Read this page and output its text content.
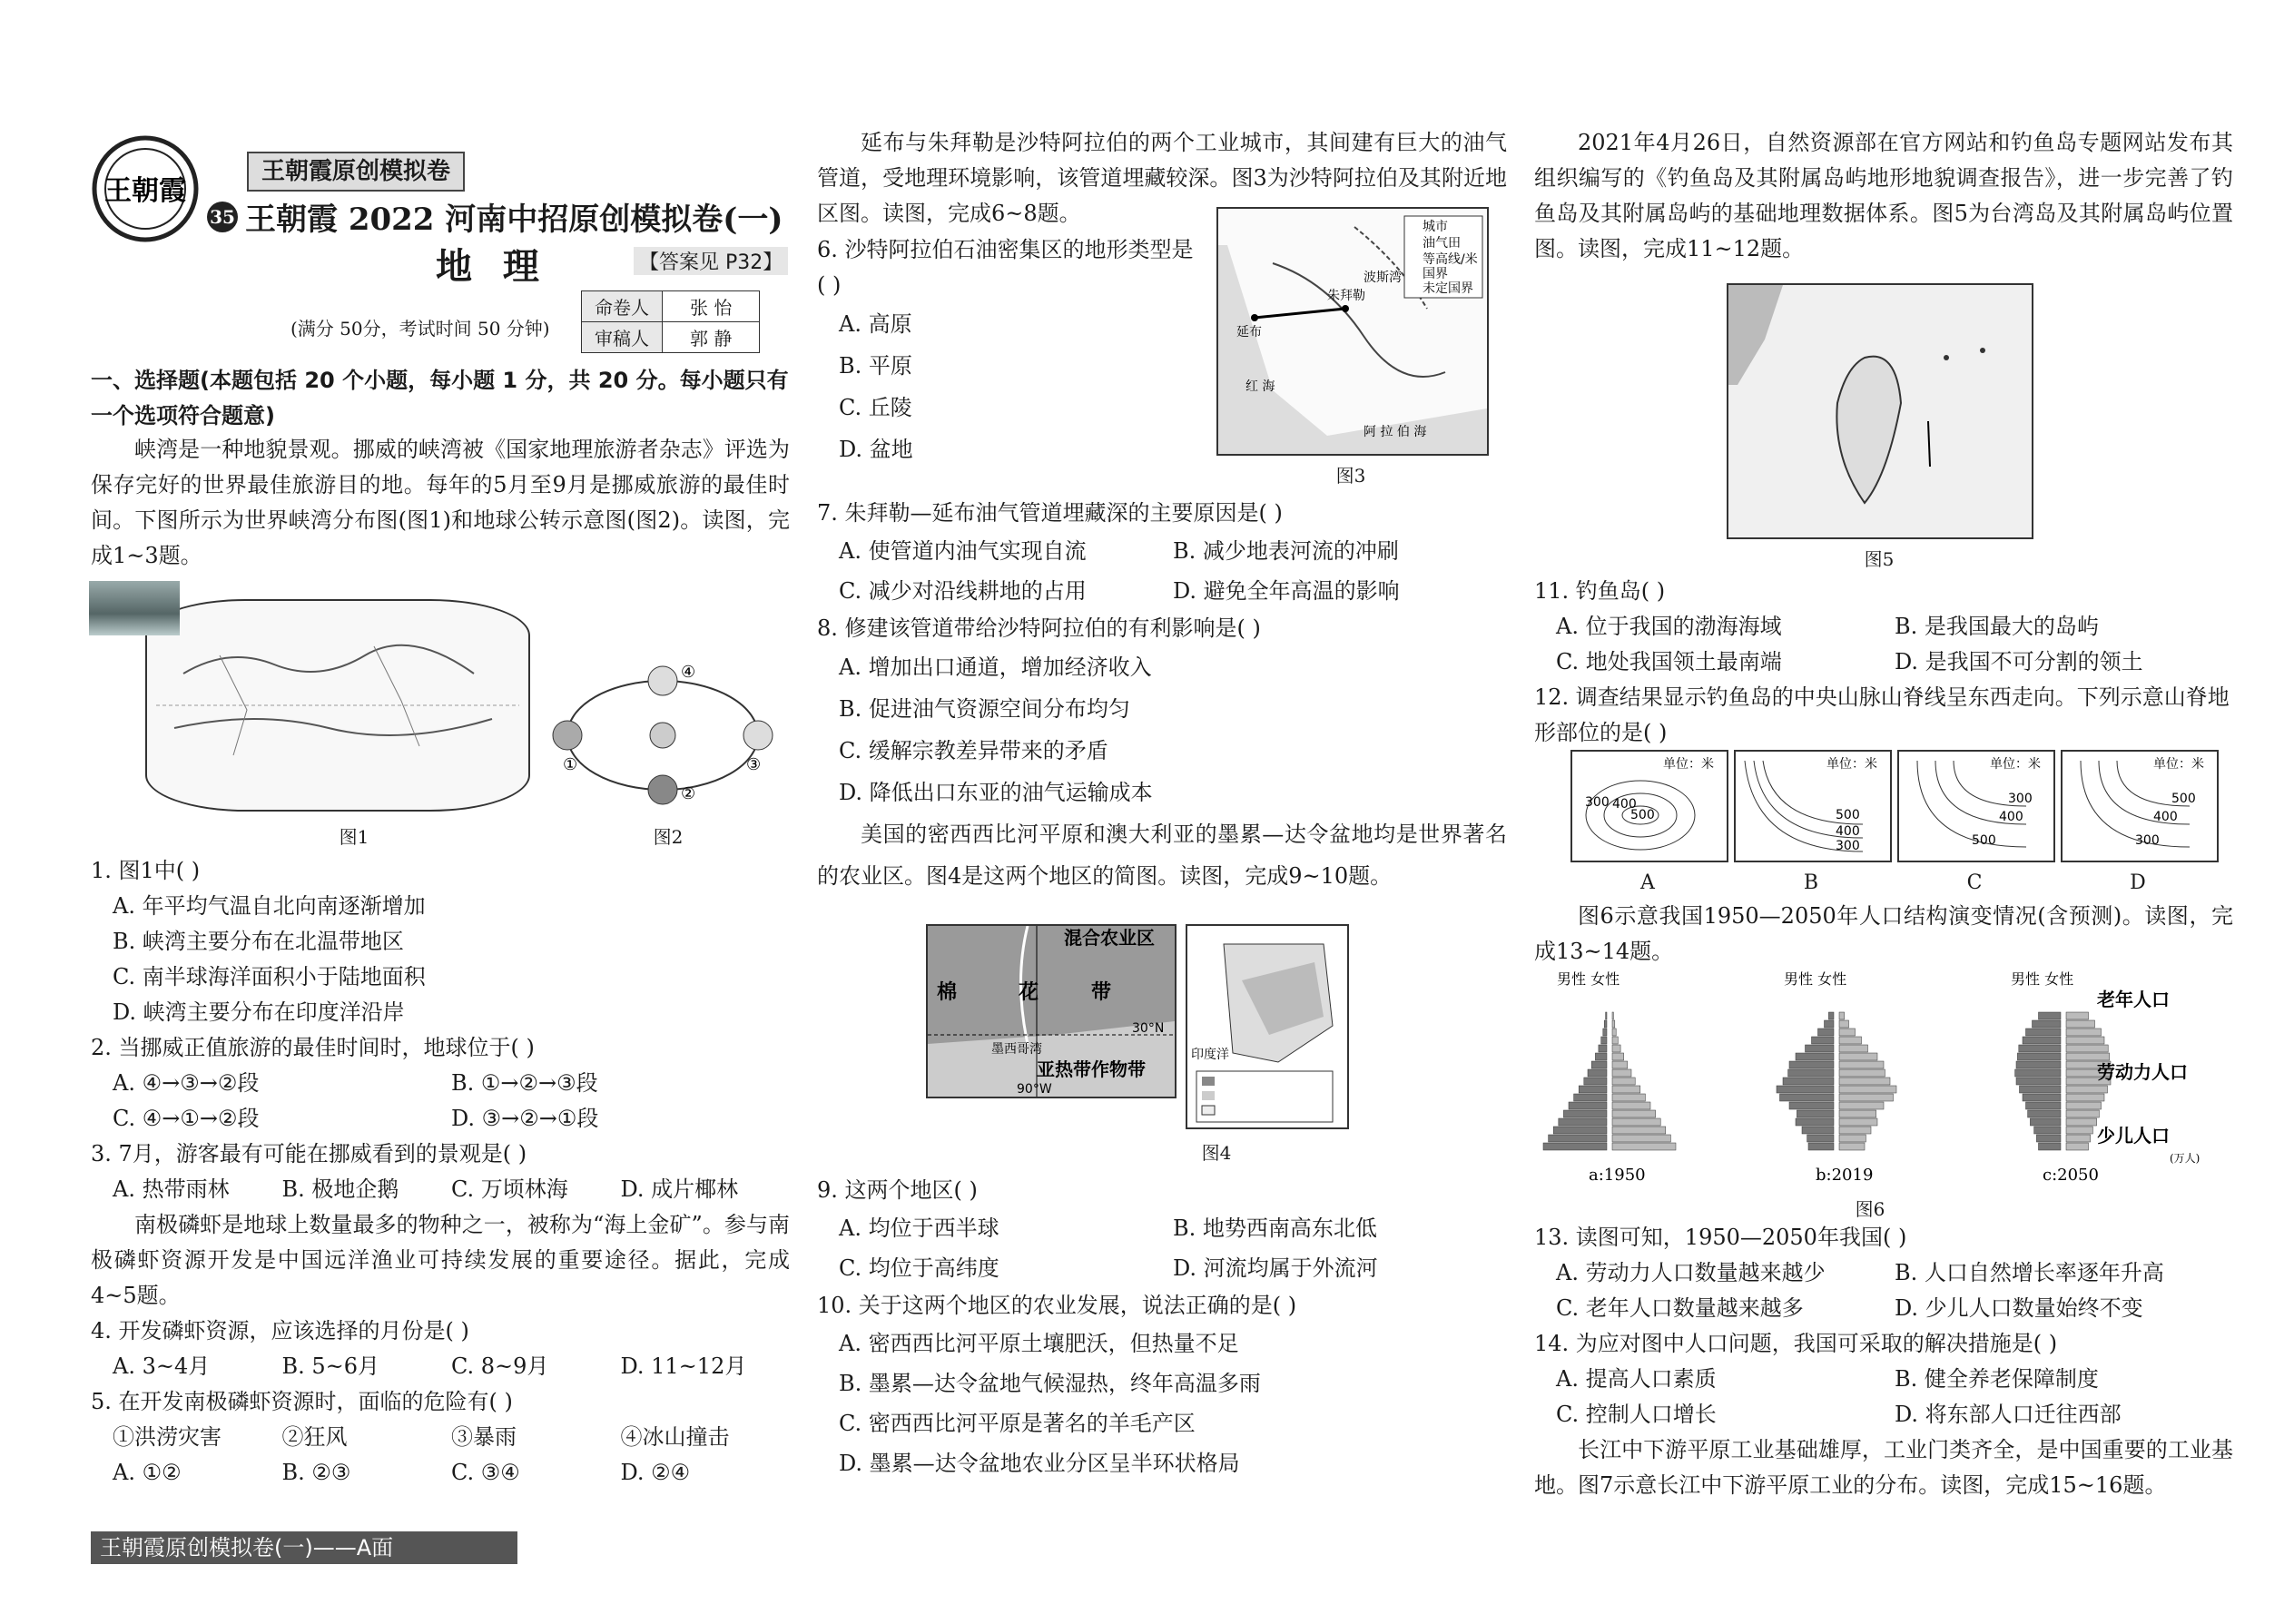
王朝霞
王朝霞原创模拟卷
35 王朝霞 2022 河南中招原创模拟卷(一)
地 理	【答案见 P32】
(满分 50分，考试时间 50 分钟)
命卷人	张 怡
审稿人	郭 静

一、选择题(本题包括 20 个小题，每小题 1 分，共 20 分。每小题只有一个选项符合题意)

峡湾是一种地貌景观。挪威的峡湾被《国家地理旅游者杂志》评选为保存完好的世界最佳旅游目的地。每年的5月至9月是挪威旅游的最佳时间。下图所示为世界峡湾分布图(图1)和地球公转示意图(图2)。读图，完成1~3题。

图1
①
②
③
④
图2

1. 图1中( )

A. 年平均气温自北向南逐渐增加
B. 峡湾主要分布在北温带地区
C. 南半球海洋面积小于陆地面积
D. 峡湾主要分布在印度洋沿岸

2. 当挪威正值旅游的最佳时间时，地球位于( )

A. ④→③→②段	B. ①→②→③段
C. ④→①→②段	D. ③→②→①段

3. 7月，游客最有可能在挪威看到的景观是( )

A. 热带雨林	B. 极地企鹅	C. 万顷林海	D. 成片椰林

南极磷虾是地球上数量最多的物种之一，被称为“海上金矿”。参与南极磷虾资源开发是中国远洋渔业可持续发展的重要途径。据此，完成4~5题。

4. 开发磷虾资源，应该选择的月份是( )

A. 3~4月	B. 5~6月	C. 8~9月	D. 11~12月

5. 在开发南极磷虾资源时，面临的危险有( )

①洪涝灾害	②狂风	③暴雨	④冰山撞击
A. ①②	B. ②③	C. ③④	D. ②④
王朝霞原创模拟卷(一)——A面

延布与朱拜勒是沙特阿拉伯的两个工业城市，其间建有巨大的油气管道，受地理环境影响，该管道埋藏较深。图3为沙特阿拉伯及其附近地区图。读图，完成6~8题。

6. 沙特阿拉伯石油密集区的地形类型是( )

A. 高原
B. 平原
C. 丘陵
D. 盆地
延布
朱拜勒
阿 拉 伯 海
红 海
波斯湾
城市
油气田
等高线/米
国界
未定国界
图3

7. 朱拜勒—延布油气管道埋藏深的主要原因是( )

A. 使管道内油气实现自流	B. 减少地表河流的冲刷
C. 减少对沿线耕地的占用	D. 避免全年高温的影响

8. 修建该管道带给沙特阿拉伯的有利影响是( )

A. 增加出口通道，增加经济收入
B. 促进油气资源空间分布均匀
C. 缓解宗教差异带来的矛盾
D. 降低出口东亚的油气运输成本

美国的密西西比河平原和澳大利亚的墨累—达令盆地均是世界著名的农业区。图4是这两个地区的简图。读图，完成9~10题。

混合农业区
棉	花	带
亚热带作物带
墨西哥湾
30°N
90°W
印度洋
图4

9. 这两个地区( )

A. 均位于西半球	B. 地势西南高东北低
C. 均位于高纬度	D. 河流均属于外流河

10. 关于这两个地区的农业发展，说法正确的是( )

A. 密西西比河平原土壤肥沃，但热量不足
B. 墨累—达令盆地气候湿热，终年高温多雨
C. 密西西比河平原是著名的羊毛产区
D. 墨累—达令盆地农业分区呈半环状格局

2021年4月26日，自然资源部在官方网站和钓鱼岛专题网站发布其组织编写的《钓鱼岛及其附属岛屿地形地貌调查报告》，进一步完善了钓鱼岛及其附属岛屿的基础地理数据体系。图5为台湾岛及其附属岛屿位置图。读图，完成11~12题。

图5

11. 钓鱼岛( )

A. 位于我国的渤海海域	B. 是我国最大的岛屿
C. 地处我国领土最南端	D. 是我国不可分割的领土

12. 调查结果显示钓鱼岛的中央山脉山脊线呈东西走向。下列示意山脊地形部位的是( )

单位：米
300 400
500
A
单位：米
500
400
300
B
单位：米
300
400
500
C
单位：米
500
400
300
D

图6示意我国1950—2050年人口结构演变情况(含预测)。读图，完成13~14题。

男性 女性
a:1950
男性 女性
b:2019
男性 女性
c:2050
老年人口
劳动力人口
少儿人口
(万人)
图6

13. 读图可知，1950—2050年我国( )

A. 劳动力人口数量越来越少	B. 人口自然增长率逐年升高
C. 老年人口数量越来越多	D. 少儿人口数量始终不变

14. 为应对图中人口问题，我国可采取的解决措施是( )

A. 提高人口素质	B. 健全养老保障制度
C. 控制人口增长	D. 将东部人口迁往西部

长江中下游平原工业基础雄厚，工业门类齐全，是中国重要的工业基地。图7示意长江中下游平原工业的分布。读图，完成15~16题。
